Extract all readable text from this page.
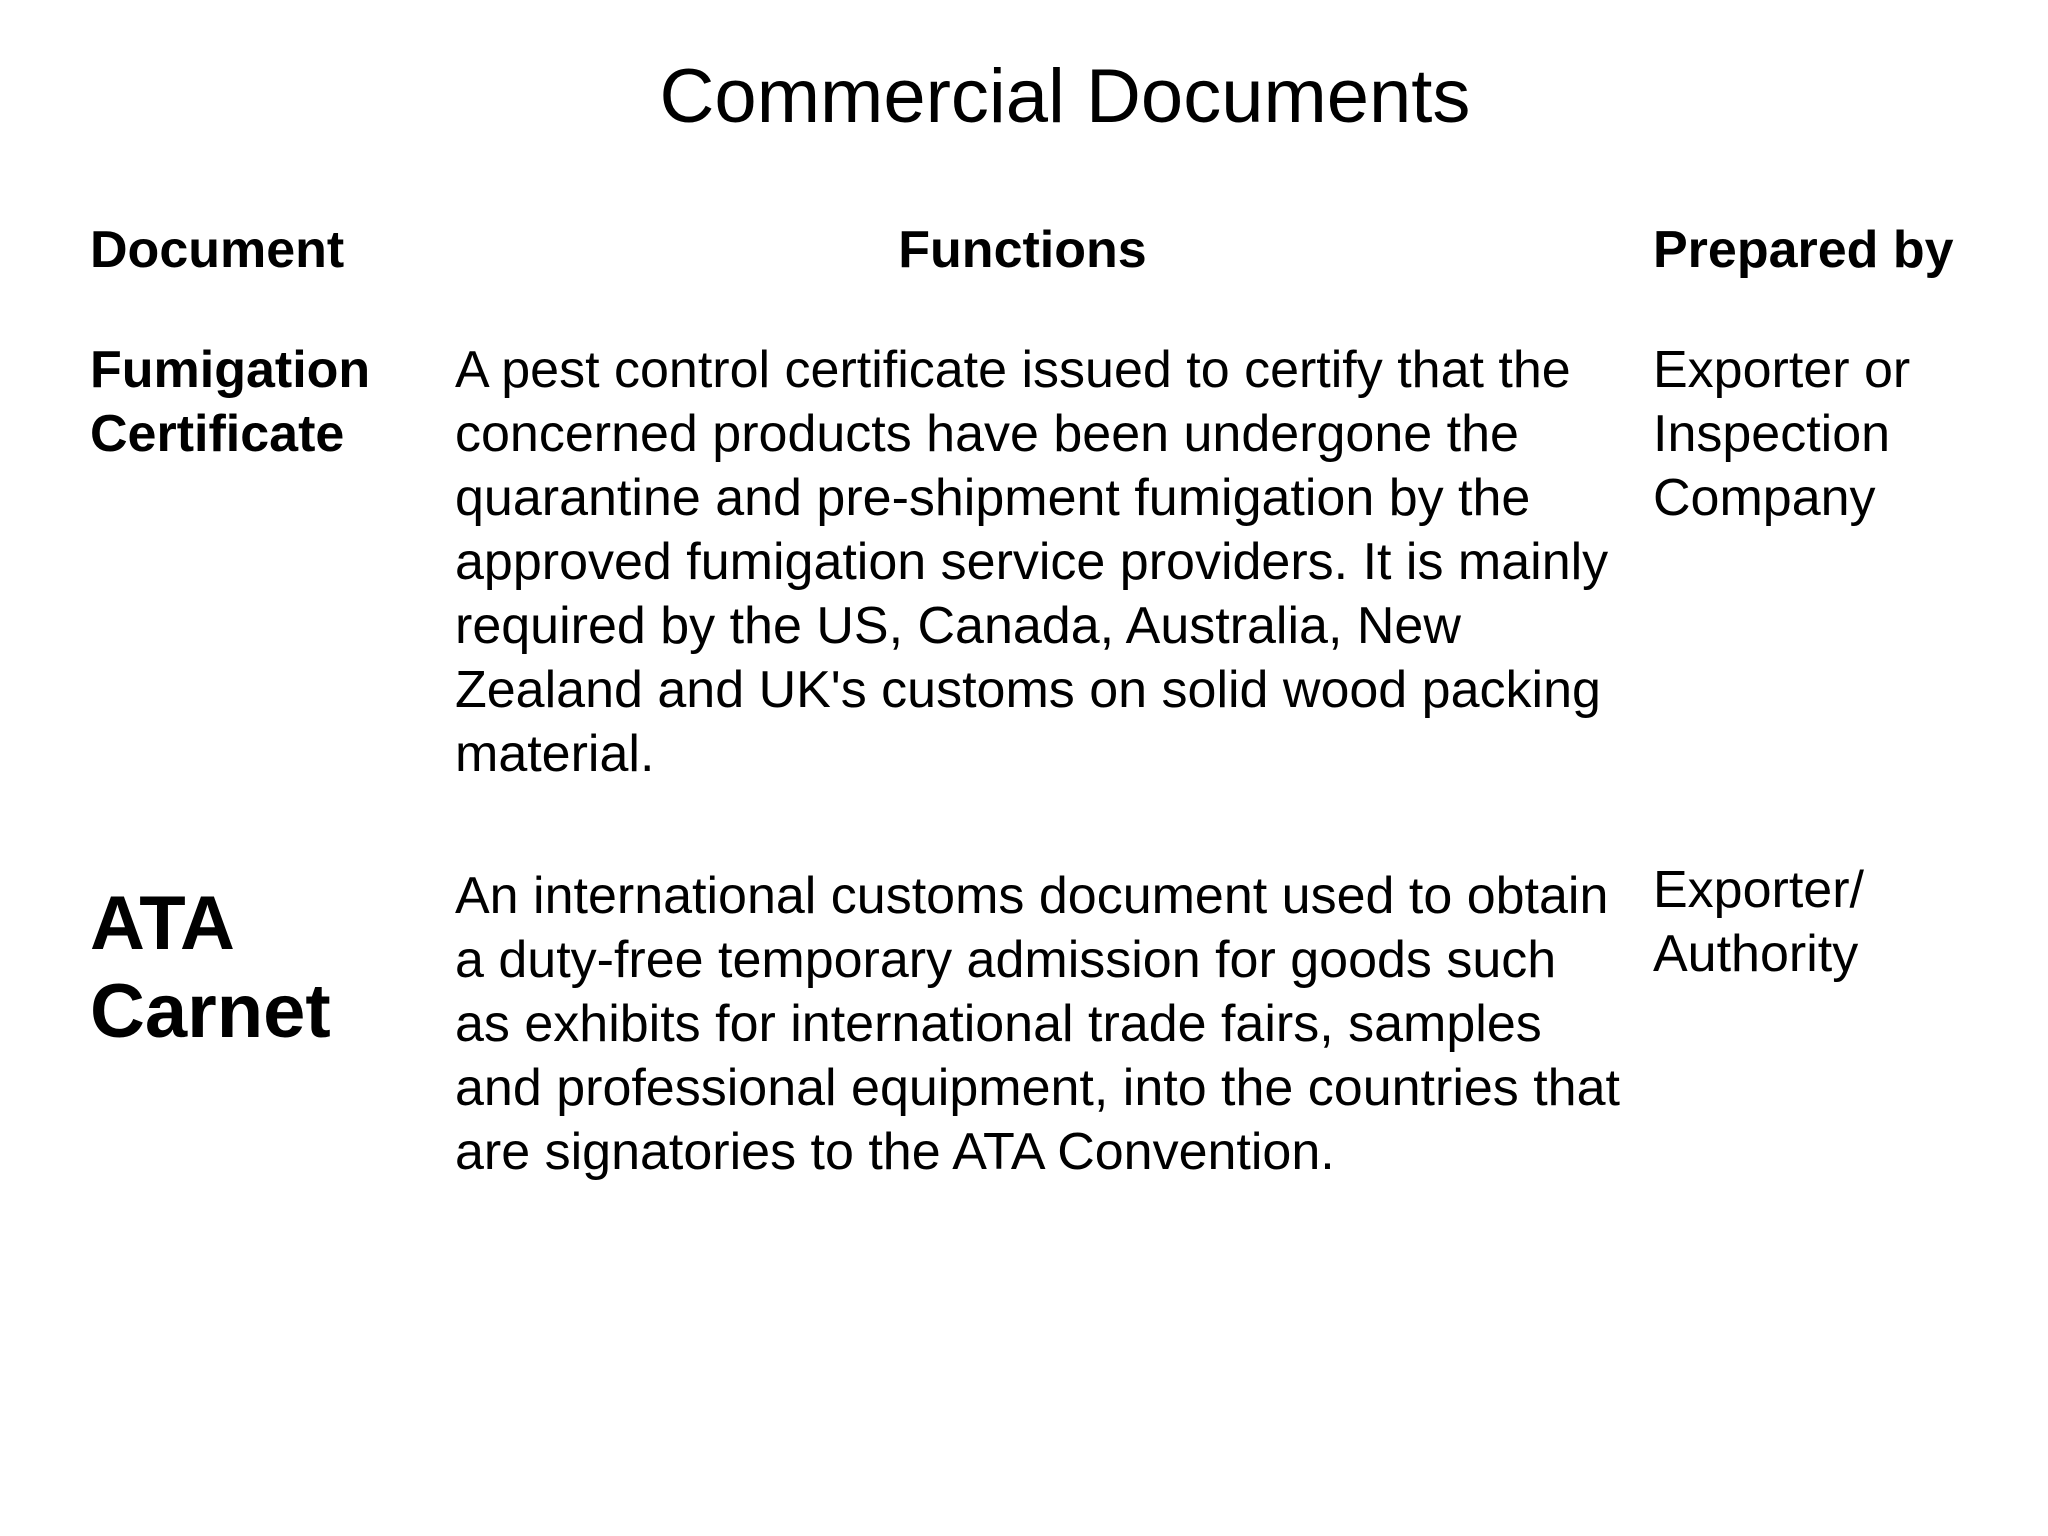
Commercial Documents
Document	Functions	Prepared by
Fumigation Certificate
A pest control certificate issued to certify that the concerned products have been undergone the quarantine and pre-shipment fumigation by the approved fumigation service providers. It is mainly required by the US, Canada, Australia, New Zealand and UK's customs on solid wood packing material.
Exporter or Inspection Company
ATA Carnet
An international customs document used to obtain a duty-free temporary admission for goods such as exhibits for international trade fairs, samples and professional equipment, into the countries that are signatories to the ATA Convention.
Exporter/ Authority
